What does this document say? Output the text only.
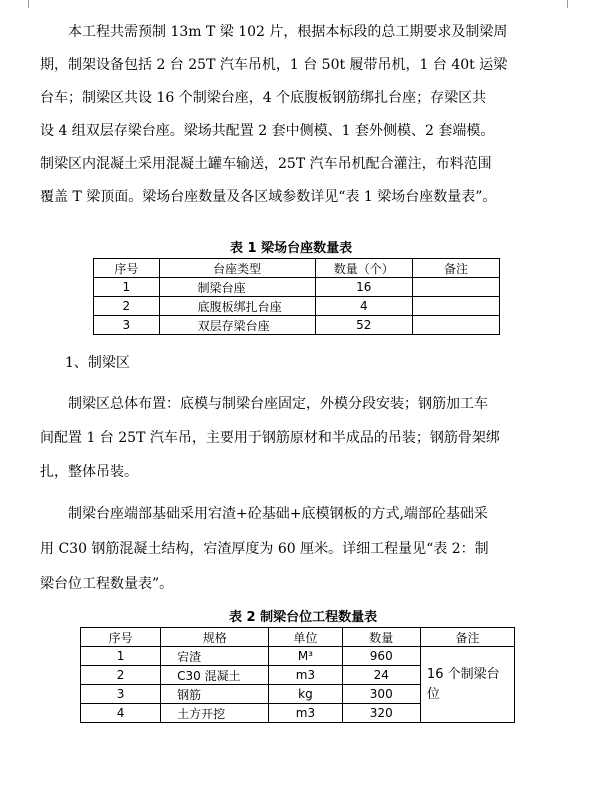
本工程共需预制 13m T 梁 102 片，根据本标段的总工期要求及制梁周
期，制架设备包括 2 台 25T 汽车吊机，1 台 50t 履带吊机，1 台 40t 运梁
台车；制梁区共设 16 个制梁台座，4 个底腹板钢筋绑扎台座；存梁区共
设 4 组双层存梁台座。梁场共配置 2 套中侧模、1 套外侧模、2 套端模。
制梁区内混凝土采用混凝土罐车输送，25T 汽车吊机配合灌注，布料范围
覆盖 T 梁顶面。梁场台座数量及各区域参数详见“表 1 梁场台座数量表”。
表 1 梁场台座数量表
序号	台座类型	数量（个）	备注
1	制梁台座	16	
2	底腹板绑扎台座	4	
3	双层存梁台座	52	
1、制梁区
制梁区总体布置：底模与制梁台座固定，外模分段安装；钢筋加工车
间配置 1 台 25T 汽车吊，主要用于钢筋原材和半成品的吊装；钢筋骨架绑
扎，整体吊装。
制梁台座端部基础采用宕渣+砼基础+底模钢板的方式,端部砼基础采
用 C30 钢筋混凝土结构，宕渣厚度为 60 厘米。详细工程量见“表 2：制
梁台位工程数量表”。
表 2 制梁台位工程数量表
序号	规格	单位	数量	备注
1	宕渣	M³	960	16 个制梁台位
2	C30 混凝土	m3	24	
3	钢筋	kg	300	
4	土方开挖	m3	320	
